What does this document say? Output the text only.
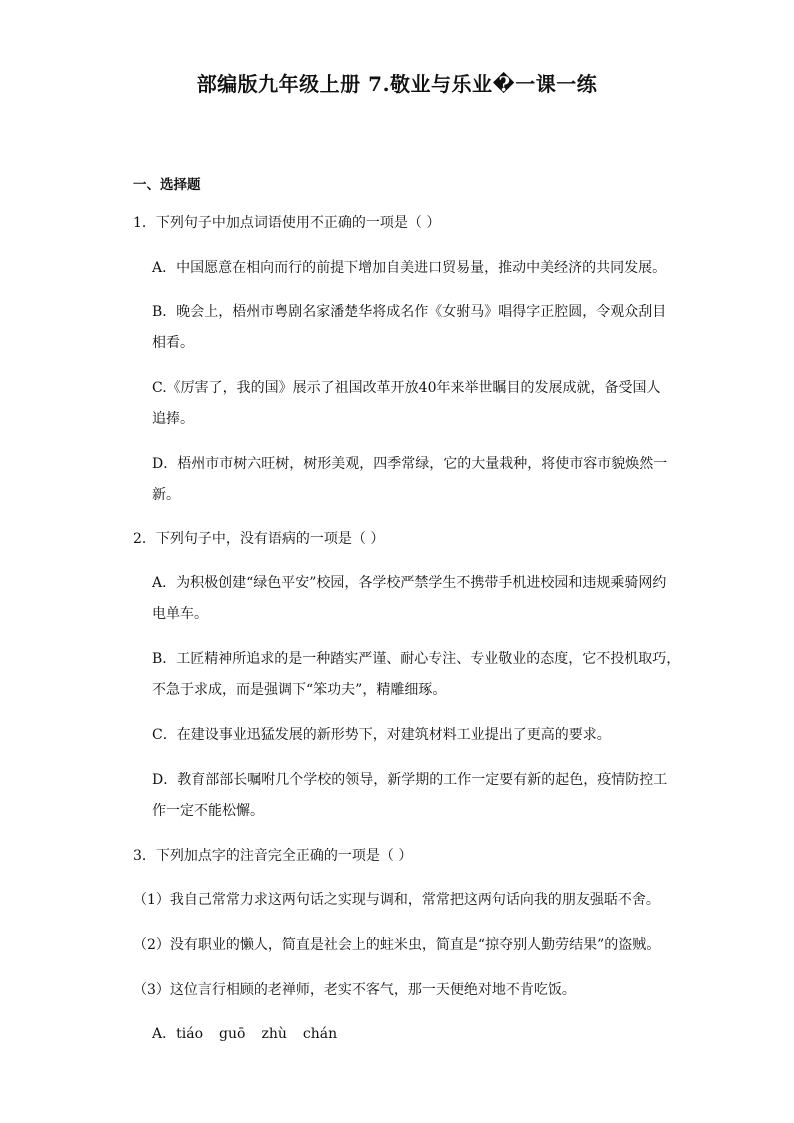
部编版九年级上册 7.敬业与乐业�一课一练
一、选择题
1．下列句子中加点词语使用不正确的一项是（ ）
A．中国愿意在相向而行的前提下增加自美进口贸易量，推动中美经济的共同发展。
B．晚会上，梧州市粤剧名家潘楚华将成名作《女驸马》唱得字正腔圆，令观众刮目
相看。
C.《厉害了，我的国》展示了祖国改革开放40年来举世瞩目的发展成就，备受国人
追捧。
D．梧州市市树六旺树，树形美观，四季常绿，它的大量栽种，将使市容市貌焕然一
新。
2．下列句子中，没有语病的一项是（ ）
A．为积极创建“绿色平安”校园，各学校严禁学生不携带手机进校园和违规乘骑网约
电单车。
B．工匠精神所追求的是一种踏实严谨、耐心专注、专业敬业的态度，它不投机取巧，
不急于求成，而是强调下“笨功夫”，精雕细琢。
C．在建设事业迅猛发展的新形势下，对建筑材料工业提出了更高的要求。
D．教育部部长嘱咐几个学校的领导，新学期的工作一定要有新的起色，疫情防控工
作一定不能松懈。
3．下列加点字的注音完全正确的一项是（ ）
（1）我自己常常力求这两句话之实现与调和，常常把这两句话向我的朋友强聒不舍。
（2）没有职业的懒人，简直是社会上的蛀米虫，简直是“掠夺别人勤劳结果”的盗贼。
（3）这位言行相顾的老禅师，老实不客气，那一天便绝对地不肯吃饭。
A．tiáo guō zhù chán
